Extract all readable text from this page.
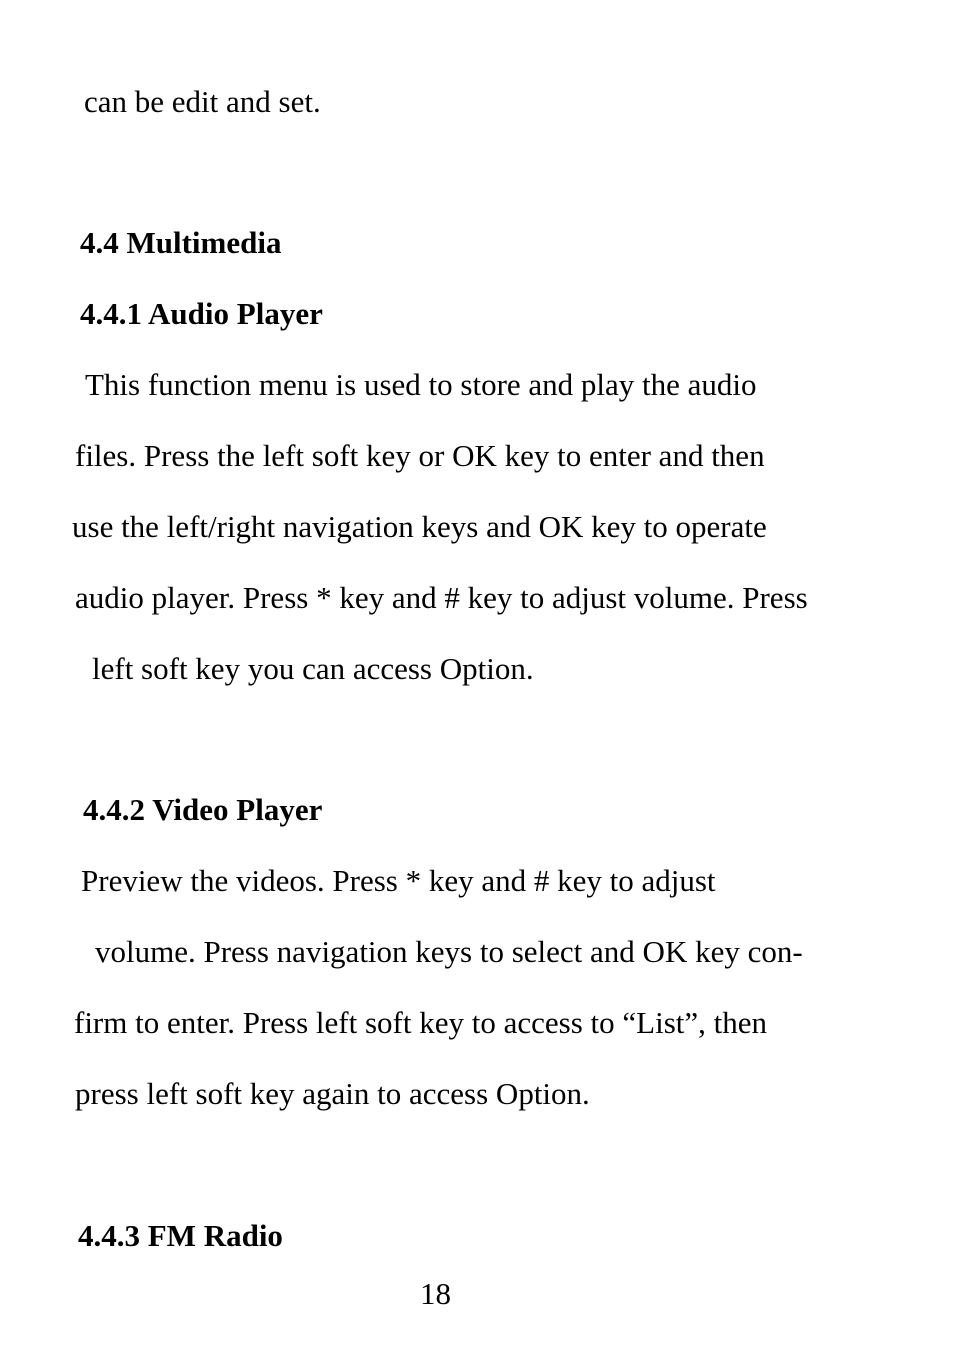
can be edit and set.
4.4 Multimedia
4.4.1 Audio Player
This function menu is used to store and play the audio
files. Press the left soft key or OK key to enter and then
use the left/right navigation keys and OK key to operate
audio player. Press * key and # key to adjust volume. Press
left soft key you can access Option.
4.4.2 Video Player
Preview the videos. Press * key and # key to adjust
volume. Press navigation keys to select and OK key con-
firm to enter. Press left soft key to access to “List”, then
press left soft key again to access Option.
4.4.3 FM Radio
18
